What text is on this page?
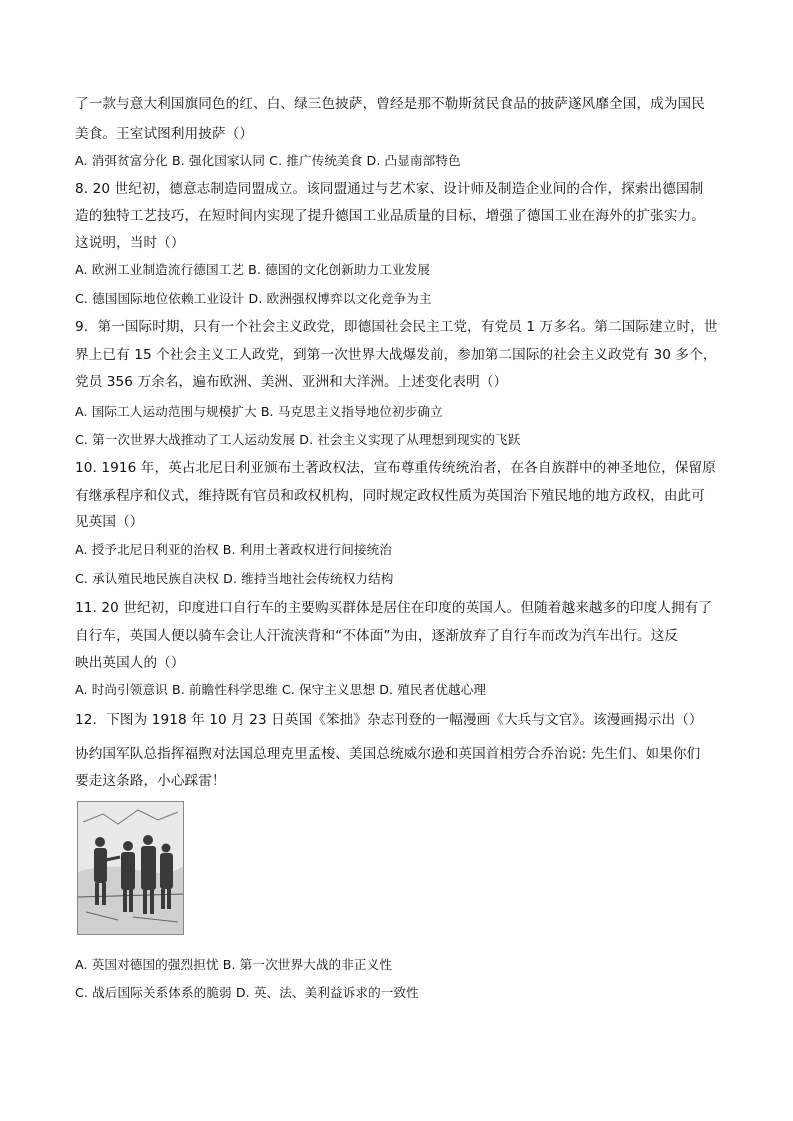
了一款与意大利国旗同色的红、白、绿三色披萨，曾经是那不勒斯贫民食品的披萨遂风靡全国，成为国民
美食。王室试图利用披萨（）
A. 消弭贫富分化 B. 强化国家认同 C. 推广传统美食 D. 凸显南部特色
8. 20 世纪初，德意志制造同盟成立。该同盟通过与艺术家、设计师及制造企业间的合作，探索出德国制
造的独特工艺技巧，在短时间内实现了提升德国工业品质量的目标，增强了德国工业在海外的扩张实力。
这说明，当时（）
A. 欧洲工业制造流行德国工艺 B. 德国的文化创新助力工业发展
C. 德国国际地位依赖工业设计 D. 欧洲强权博弈以文化竞争为主
9．第一国际时期，只有一个社会主义政党，即德国社会民主工党，有党员 1 万多名。第二国际建立时，世
界上已有 15 个社会主义工人政党，到第一次世界大战爆发前，参加第二国际的社会主义政党有 30 多个，
党员 356 万余名，遍布欧洲、美洲、亚洲和大洋洲。上述变化表明（）
A. 国际工人运动范围与规模扩大 B. 马克思主义指导地位初步确立
C. 第一次世界大战推动了工人运动发展 D. 社会主义实现了从理想到现实的飞跃
10. 1916 年，英占北尼日利亚颁布土著政权法，宣布尊重传统统治者，在各自族群中的神圣地位，保留原
有继承程序和仪式，维持既有官员和政权机构，同时规定政权性质为英国治下殖民地的地方政权，由此可
见英国（）
A. 授予北尼日利亚的治权 B. 利用土著政权进行间接统治
C. 承认殖民地民族自决权 D. 维持当地社会传统权力结构
11. 20 世纪初，印度进口自行车的主要购买群体是居住在印度的英国人。但随着越来越多的印度人拥有了
自行车，英国人便以骑车会让人汗流浃背和“不体面”为由，逐渐放弃了自行车而改为汽车出行。这反
映出英国人的（）
A. 时尚引领意识 B. 前瞻性科学思维 C. 保守主义思想 D. 殖民者优越心理
12．下图为 1918 年 10 月 23 日英国《笨拙》杂志刊登的一幅漫画《大兵与文官》。该漫画揭示出（）
协约国军队总指挥福煦对法国总理克里孟梭、美国总统威尔逊和英国首相劳合乔治说: 先生们、如果你们
要走这条路，小心踩雷！
A. 英国对德国的强烈担忧 B. 第一次世界大战的非正义性
C. 战后国际关系体系的脆弱 D. 英、法、美利益诉求的一致性
